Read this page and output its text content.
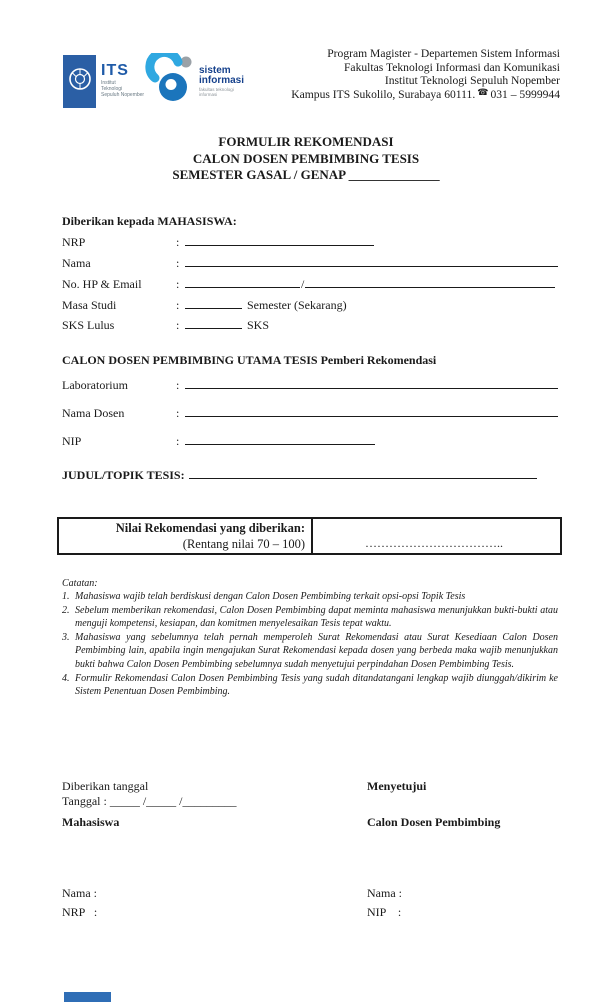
ITS
Institut
Teknologi
Sepuluh Nopember
sistem
informasi
fakultas teknologi informasi
Program Magister - Departemen Sistem Informasi
Fakultas Teknologi Informasi dan Komunikasi
Institut Teknologi Sepuluh Nopember
Kampus ITS Sukolilo, Surabaya 60111. ☎ 031 – 5999944
FORMULIR REKOMENDASI
CALON DOSEN PEMBIMBING TESIS
SEMESTER GASAL / GENAP ______________
Diberikan kepada MAHASISWA:
NRP	:
Nama	:
No. HP & Email	:	/
Masa Studi	:	Semester (Sekarang)
SKS Lulus	:	SKS
CALON DOSEN PEMBIMBING UTAMA TESIS Pemberi Rekomendasi
Laboratorium	:
Nama Dosen	:
NIP	:
JUDUL/TOPIK TESIS:
Nilai Rekomendasi yang diberikan:
(Rentang nilai 70 – 100)	……………………………..
Catatan:
1. Mahasiswa wajib telah berdiskusi dengan Calon Dosen Pembimbing terkait opsi-opsi Topik Tesis
2. Sebelum memberikan rekomendasi, Calon Dosen Pembimbing dapat meminta mahasiswa menunjukkan bukti-bukti atau menguji kompetensi, kesiapan, dan komitmen menyelesaikan Tesis tepat waktu.
3. Mahasiswa yang sebelumnya telah pernah memperoleh Surat Rekomendasi atau Surat Kesediaan Calon Dosen Pembimbing lain, apabila ingin mengajukan Surat Rekomendasi kepada dosen yang berbeda maka wajib menunjukkan bukti bahwa Calon Dosen Pembimbing sebelumnya sudah menyetujui perpindahan Dosen Pembimbing Tesis.
4. Formulir Rekomendasi Calon Dosen Pembimbing Tesis yang sudah ditandatangani lengkap wajib diunggah/dikirim ke Sistem Penentuan Dosen Pembimbing.
Diberikan tanggal
Tanggal : _____ /_____ /_________
Mahasiswa
Menyetujui
Calon Dosen Pembimbing
Nama :
NRP   :
Nama :
NIP    :
